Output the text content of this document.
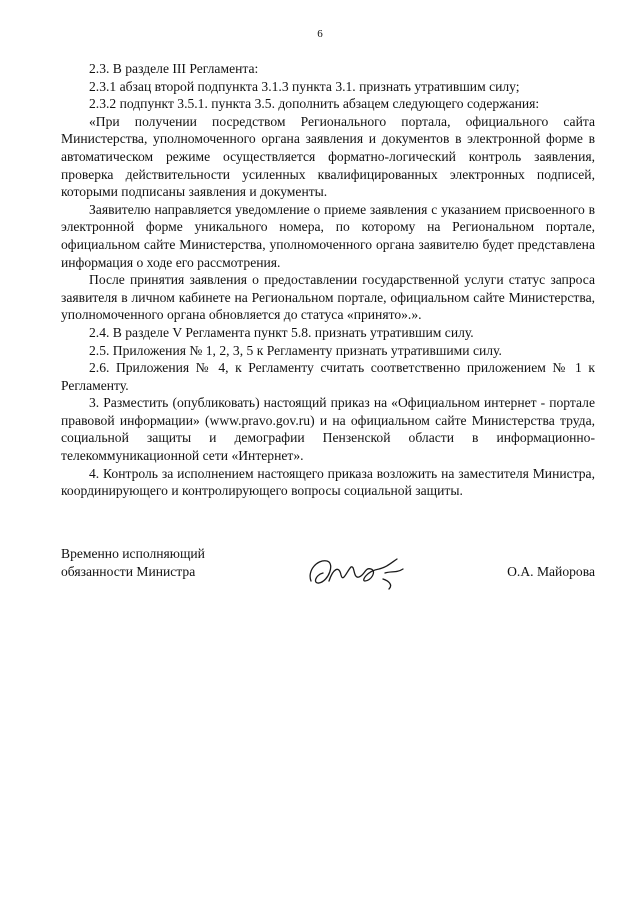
6

2.3. В разделе III Регламента:

2.3.1 абзац второй подпункта 3.1.3 пункта 3.1. признать утратившим силу;

2.3.2 подпункт 3.5.1. пункта 3.5. дополнить абзацем следующего содержания:

«При получении посредством Регионального портала, официального сайта Министерства, уполномоченного органа заявления и документов в электронной форме в автоматическом режиме осуществляется форматно-логический контроль заявления, проверка действительности усиленных квалифицированных электронных подписей, которыми подписаны заявления и документы.

Заявителю направляется уведомление о приеме заявления с указанием присвоенного в электронной форме уникального номера, по которому на Региональном портале, официальном сайте Министерства, уполномоченного органа заявителю будет представлена информация о ходе его рассмотрения.

После принятия заявления о предоставлении государственной услуги статус запроса заявителя в личном кабинете на Региональном портале, официальном сайте Министерства, уполномоченного органа обновляется до статуса «принято».».

2.4. В разделе V Регламента пункт 5.8. признать утратившим силу.

2.5. Приложения № 1, 2, 3, 5 к Регламенту признать утратившими силу.

2.6. Приложения № 4, к Регламенту считать соответственно приложением № 1 к Регламенту.

3. Разместить (опубликовать) настоящий приказ на «Официальном интернет - портале правовой информации» (www.pravo.gov.ru) и на официальном сайте Министерства труда, социальной защиты и демографии Пензенской области в информационно-телекоммуникационной сети «Интернет».

4. Контроль за исполнением настоящего приказа возложить на заместителя Министра, координирующего и контролирующего вопросы социальной защиты.

Временно исполняющий
обязанности Министра	О.А. Майорова
